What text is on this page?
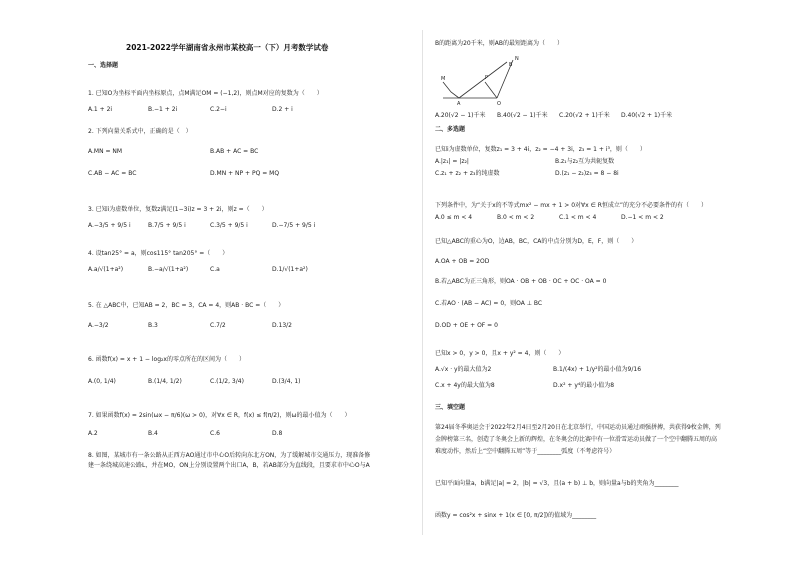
2021-2022学年湖南省永州市某校高一（下）月考数学试卷
一、选择题
1. 已知O为坐标平面内坐标原点，点M满足OM = (−1,2)，则点M对应的复数为（　　）
A.1 + 2i	B.−1 + 2i	C.2−i	D.2 + i
2. 下列向量关系式中，正确的是（　）
A.MN = NM	B.AB + AC = BC
C.AB − AC = BC	D.MN + NP + PQ = MQ
3. 已知i为虚数单位，复数z满足(1−3i)z = 3 + 2i，则z =（　　）
A.−3/5 + 9/5 i	B.7/5 + 9/5 i	C.3/5 + 9/5 i	D.−7/5 + 9/5 i
4. 设tan25° = a，则cos115° tan205° =（　　）
A.a/√(1+a²)	B.−a/√(1+a²)	C.a	D.1/√(1+a²)
5. 在 △ABC中，已知AB = 2，BC = 3，CA = 4，则AB · BC =（　　）
A.−3/2	B.3	C.7/2	D.13/2
6. 函数f(x) = x + 1 − log₂x的零点所在的区间为（　　）
A.(0, 1/4)	B.(1/4, 1/2)	C.(1/2, 3/4)	D.(3/4, 1)
7. 如果函数f(x) = 2sin(ωx − π/6)(ω > 0)，对∀x ∈ R，f(x) ≤ f(π/2)，则ω的最小值为（　　）
A.2	B.4	C.6	D.8
8. 如图，某城市有一条公路从正西方AO通过市中心O后转向东北方ON，为了缓解城市交通压力，现准备修
建一条绕城高速公路L，并在MO，ON上分别设置两个出口A，B，若AB部分为直线段，且要求市中心O与A
B的距离为20千米，则AB的最短距离为（　　）
N
B
P
M
A	O
A.20(√2 − 1)千米	B.40(√2 − 1)千米	C.20(√2 + 1)千米	D.40(√2 + 1)千米
二、多选题
已知i为虚数单位，复数z₁ = 3 + 4i，z₂ = −4 + 3i，z₃ = 1 + i³，则（　　）
A.|z₁| = |z₂|	B.z₁与z₂互为共轭复数
C.z₁ + z₂ + z₃的纯虚数	D.(z₁ − z₂)z₃ = 8 − 8i
下列条件中，为“关于x的不等式mx² − mx + 1 > 0对∀x ∈ R恒成立”的充分不必要条件的有（　　）
A.0 ≤ m < 4	B.0 < m < 2	C.1 < m < 4	D.−1 < m < 2
已知△ABC的重心为O，边AB，BC，CA的中点分别为D，E，F，则（　　）
A.OA + OB = 2OD
B.若△ABC为正三角形，则OA · OB + OB · OC + OC · OA = 0
C.若AO · (AB − AC) = 0，则OA ⊥ BC
D.OD + OE + OF = 0
已知x > 0，y > 0，且x + y² = 4，则（　　）
A.√x · y的最大值为2	B.1/(4x) + 1/y²的最小值为9/16
C.x + 4y的最大值为8	D.x² + y⁴的最小值为8
三、填空题
第24届冬季奥运会于2022年2月4日至2月20日在北京举行，中国运动员通过顽强拼搏，共获得9枚金牌，列
金牌榜第三名，创造了冬奥会上新的辉煌，在冬奥会的比赛中有一位滑雪运动员做了一个空中翻腾五周的高
难度动作，然后上“空中翻腾五周”等于________弧度（不考虑符号）
已知平面向量a，b满足|a| = 2，|b| = √3，且(a + b) ⊥ b，则向量a与b的夹角为________
函数y = cos²x + sinx + 1(x ∈ [0, π/2])的值域为________
